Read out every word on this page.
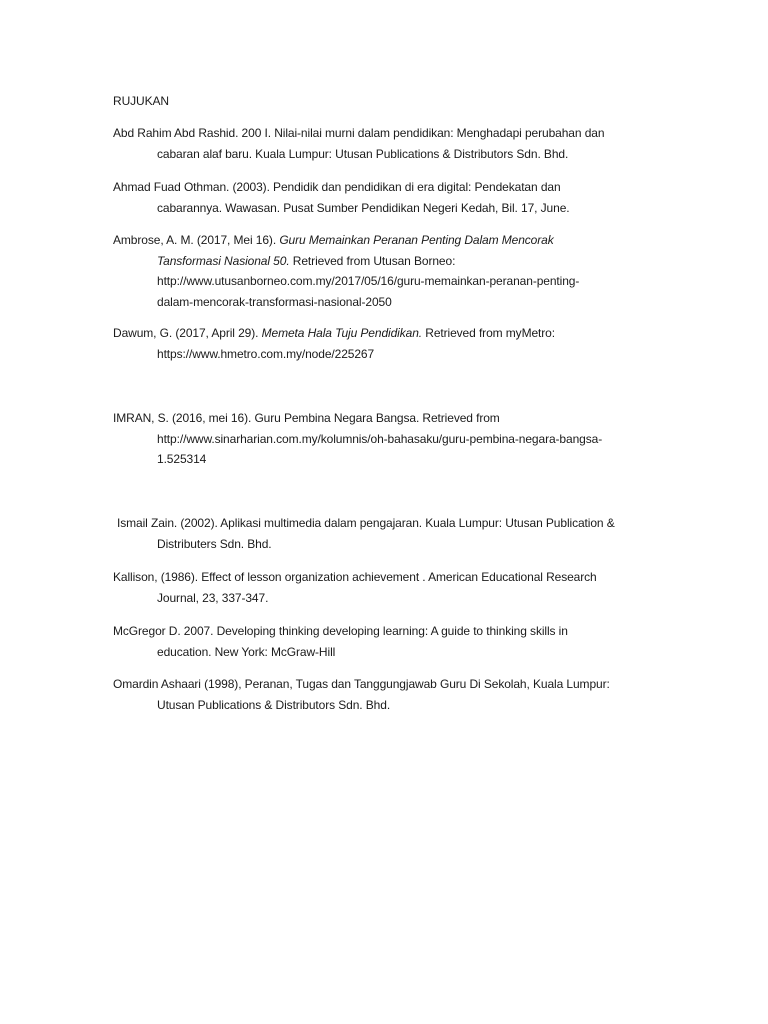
RUJUKAN
Abd Rahim Abd Rashid. 200 I. Nilai-nilai murni dalam pendidikan: Menghadapi perubahan dan
cabaran alaf baru. Kuala Lumpur: Utusan Publications & Distributors Sdn. Bhd.
Ahmad Fuad Othman. (2003). Pendidik dan pendidikan di era digital: Pendekatan dan
cabarannya. Wawasan. Pusat Sumber Pendidikan Negeri Kedah, Bil. 17, June.
Ambrose, A. M. (2017, Mei 16). Guru Memainkan Peranan Penting Dalam Mencorak
Tansformasi Nasional 50. Retrieved from Utusan Borneo:
http://www.utusanborneo.com.my/2017/05/16/guru-memainkan-peranan-penting-
dalam-mencorak-transformasi-nasional-2050
Dawum, G. (2017, April 29). Memeta Hala Tuju Pendidikan. Retrieved from myMetro:
https://www.hmetro.com.my/node/225267
IMRAN, S. (2016, mei 16). Guru Pembina Negara Bangsa. Retrieved from
http://www.sinarharian.com.my/kolumnis/oh-bahasaku/guru-pembina-negara-bangsa-
1.525314
Ismail Zain. (2002). Aplikasi multimedia dalam pengajaran. Kuala Lumpur: Utusan Publication &
Distributers Sdn. Bhd.
Kallison, (1986). Effect of lesson organization achievement . American Educational Research
Journal, 23, 337-347.
McGregor D. 2007. Developing thinking developing learning: A guide to thinking skills in
education. New York: McGraw-Hill
Omardin Ashaari (1998), Peranan, Tugas dan Tanggungjawab Guru Di Sekolah, Kuala Lumpur:
Utusan Publications & Distributors Sdn. Bhd.
